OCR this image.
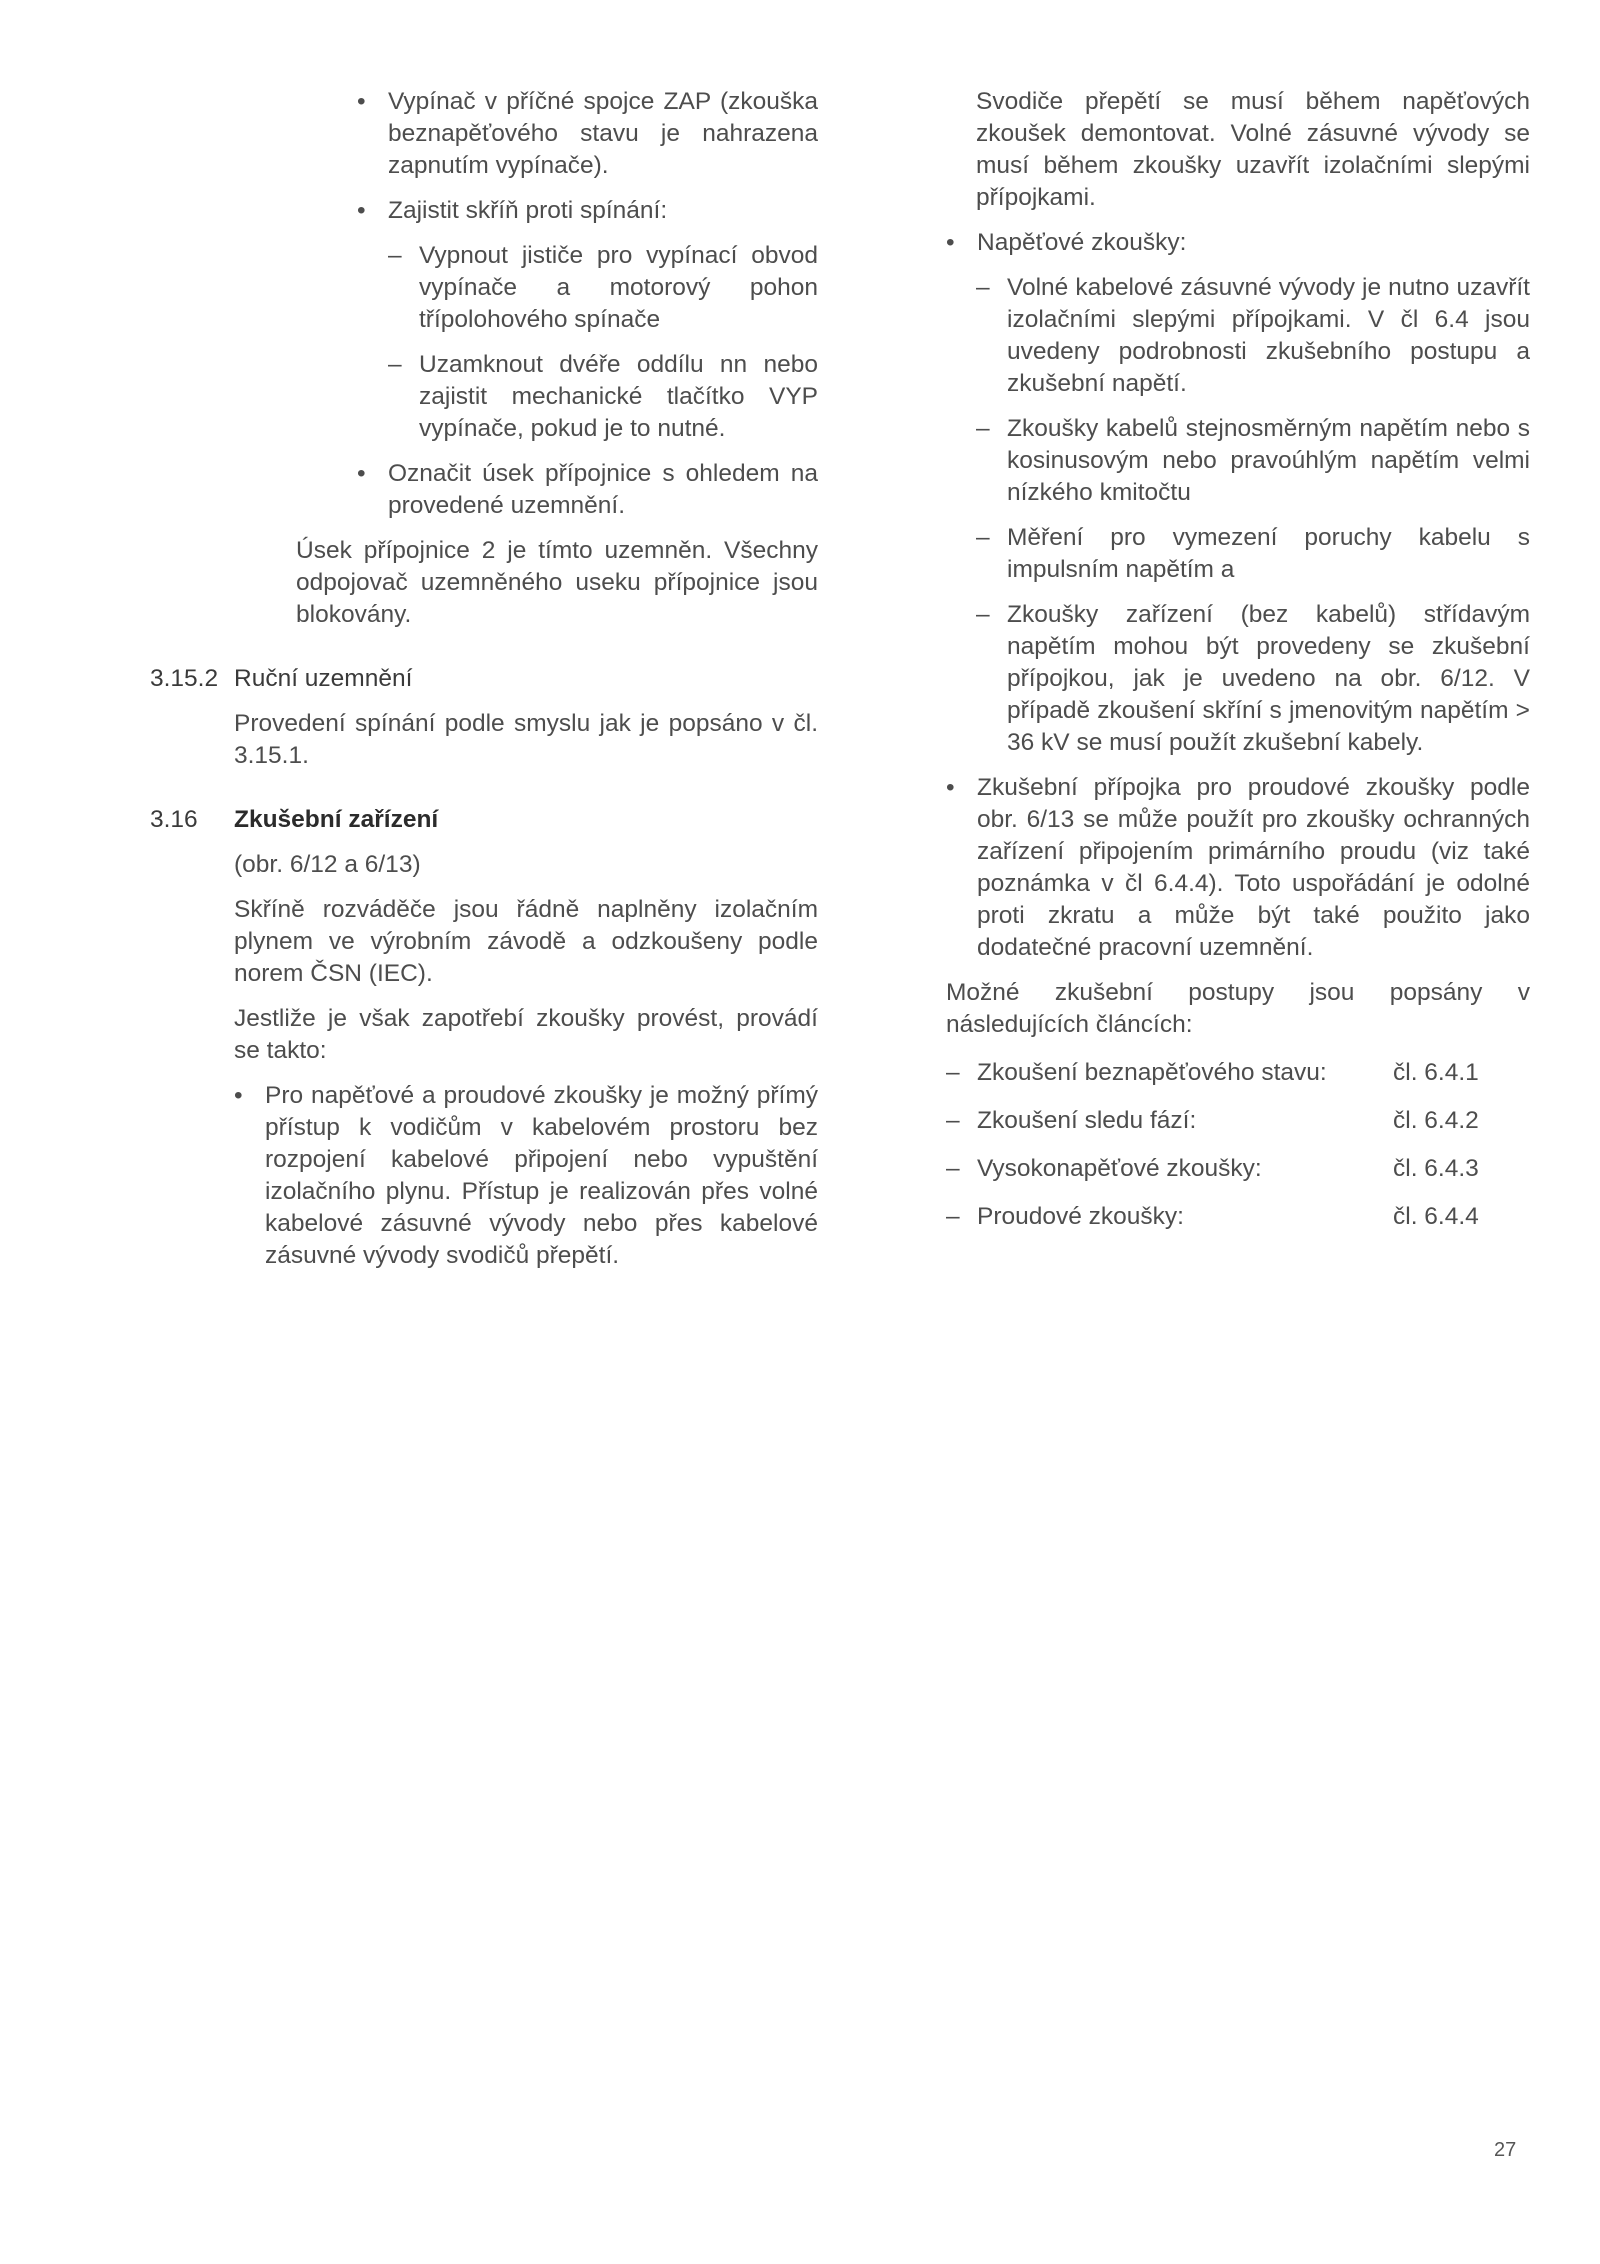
• Vypínač v příčné spojce ZAP (zkouška beznapěťového stavu je nahrazena zapnutím vypínače).
• Zajistit skříň proti spínání:
– Vypnout jističe pro vypínací obvod vypínače a motorový pohon třípolohového spínače
– Uzamknout dvéře oddílu nn nebo zajistit mechanické tlačítko VYP vypínače, pokud je to nutné.
• Označit úsek přípojnice s ohledem na provedené uzemnění.

Úsek přípojnice 2 je tímto uzemněn. Všechny odpojovač uzemněného useku přípojnice jsou blokovány.

3.15.2 Ruční uzemnění

Provedení spínání podle smyslu jak je popsáno v čl. 3.15.1.

3.16 Zkušební zařízení

(obr. 6/12 a 6/13)

Skříně rozváděče jsou řádně naplněny izolačním plynem ve výrobním závodě a odzkoušeny podle norem ČSN (IEC).

Jestliže je však zapotřebí zkoušky provést, provádí se takto:

• Pro napěťové a proudové zkoušky je možný přímý přístup k vodičům v kabelovém prostoru bez rozpojení kabelové připojení nebo vypuštění izolačního plynu. Přístup je realizován přes volné kabelové zásuvné vývody nebo přes kabelové zásuvné vývody svodičů přepětí.

Svodiče přepětí se musí během napěťových zkoušek demontovat. Volné zásuvné vývody se musí během zkoušky uzavřít izolačními slepými přípojkami.

• Napěťové zkoušky:
– Volné kabelové zásuvné vývody je nutno uzavřít izolačními slepými přípojkami. V čl 6.4 jsou uvedeny podrobnosti zkušebního postupu a zkušební napětí.
– Zkoušky kabelů stejnosměrným napětím nebo s kosinusovým nebo pravoúhlým napětím velmi nízkého kmitočtu
– Měření pro vymezení poruchy kabelu s impulsním napětím a
– Zkoušky zařízení (bez kabelů) střídavým napětím mohou být provedeny se zkušební přípojkou, jak je uvedeno na obr. 6/12. V případě zkoušení skříní s jmenovitým napětím > 36 kV se musí použít zkušební kabely.
• Zkušební přípojka pro proudové zkoušky podle obr. 6/13 se může použít pro zkoušky ochranných zařízení připojením primárního proudu (viz také poznámka v čl 6.4.4). Toto uspořádání je odolné proti zkratu a může být také použito jako dodatečné pracovní uzemnění.

Možné zkušební postupy jsou popsány v následujících článcích:

– Zkoušení beznapěťového stavu:	čl. 6.4.1
– Zkoušení sledu fází:	čl. 6.4.2
– Vysokonapěťové zkoušky:	čl. 6.4.3
– Proudové zkoušky:	čl. 6.4.4
27
